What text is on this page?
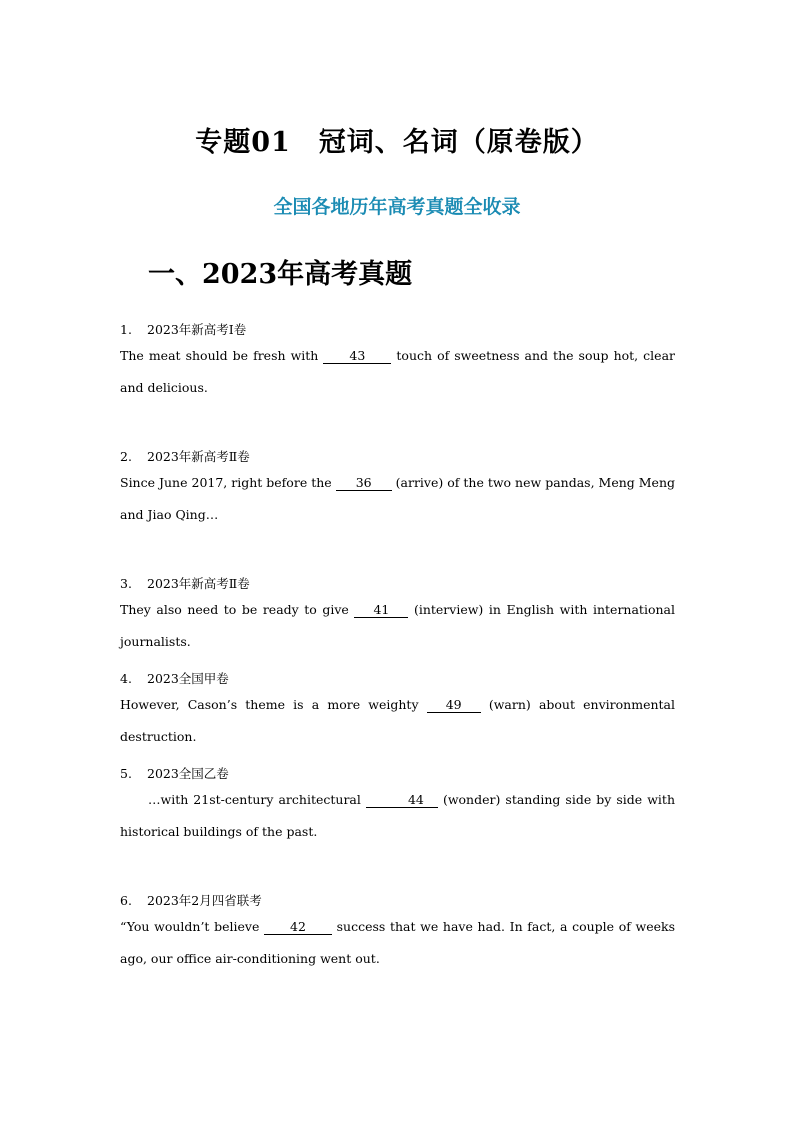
专题01　冠词、名词（原卷版）
全国各地历年高考真题全收录
一、2023年高考真题
1. 2023年新高考Ⅰ卷
The meat should be fresh with 43 touch of sweetness and the soup hot, clear and delicious.
2. 2023年新高考Ⅱ卷
Since June 2017, right before the 36 (arrive) of the two new pandas, Meng Meng and Jiao Qing…
3. 2023年新高考Ⅱ卷
They also need to be ready to give 41 (interview) in English with international journalists.
4. 2023全国甲卷
However, Cason’s theme is a more weighty 49 (warn) about environmental destruction.
5. 2023全国乙卷
…with 21st-century architectural	44 (wonder) standing side by side with historical buildings of the past.
6. 2023年2月四省联考
“You wouldn’t believe 42 success that we have had. In fact, a couple of weeks ago, our office air-conditioning went out.
